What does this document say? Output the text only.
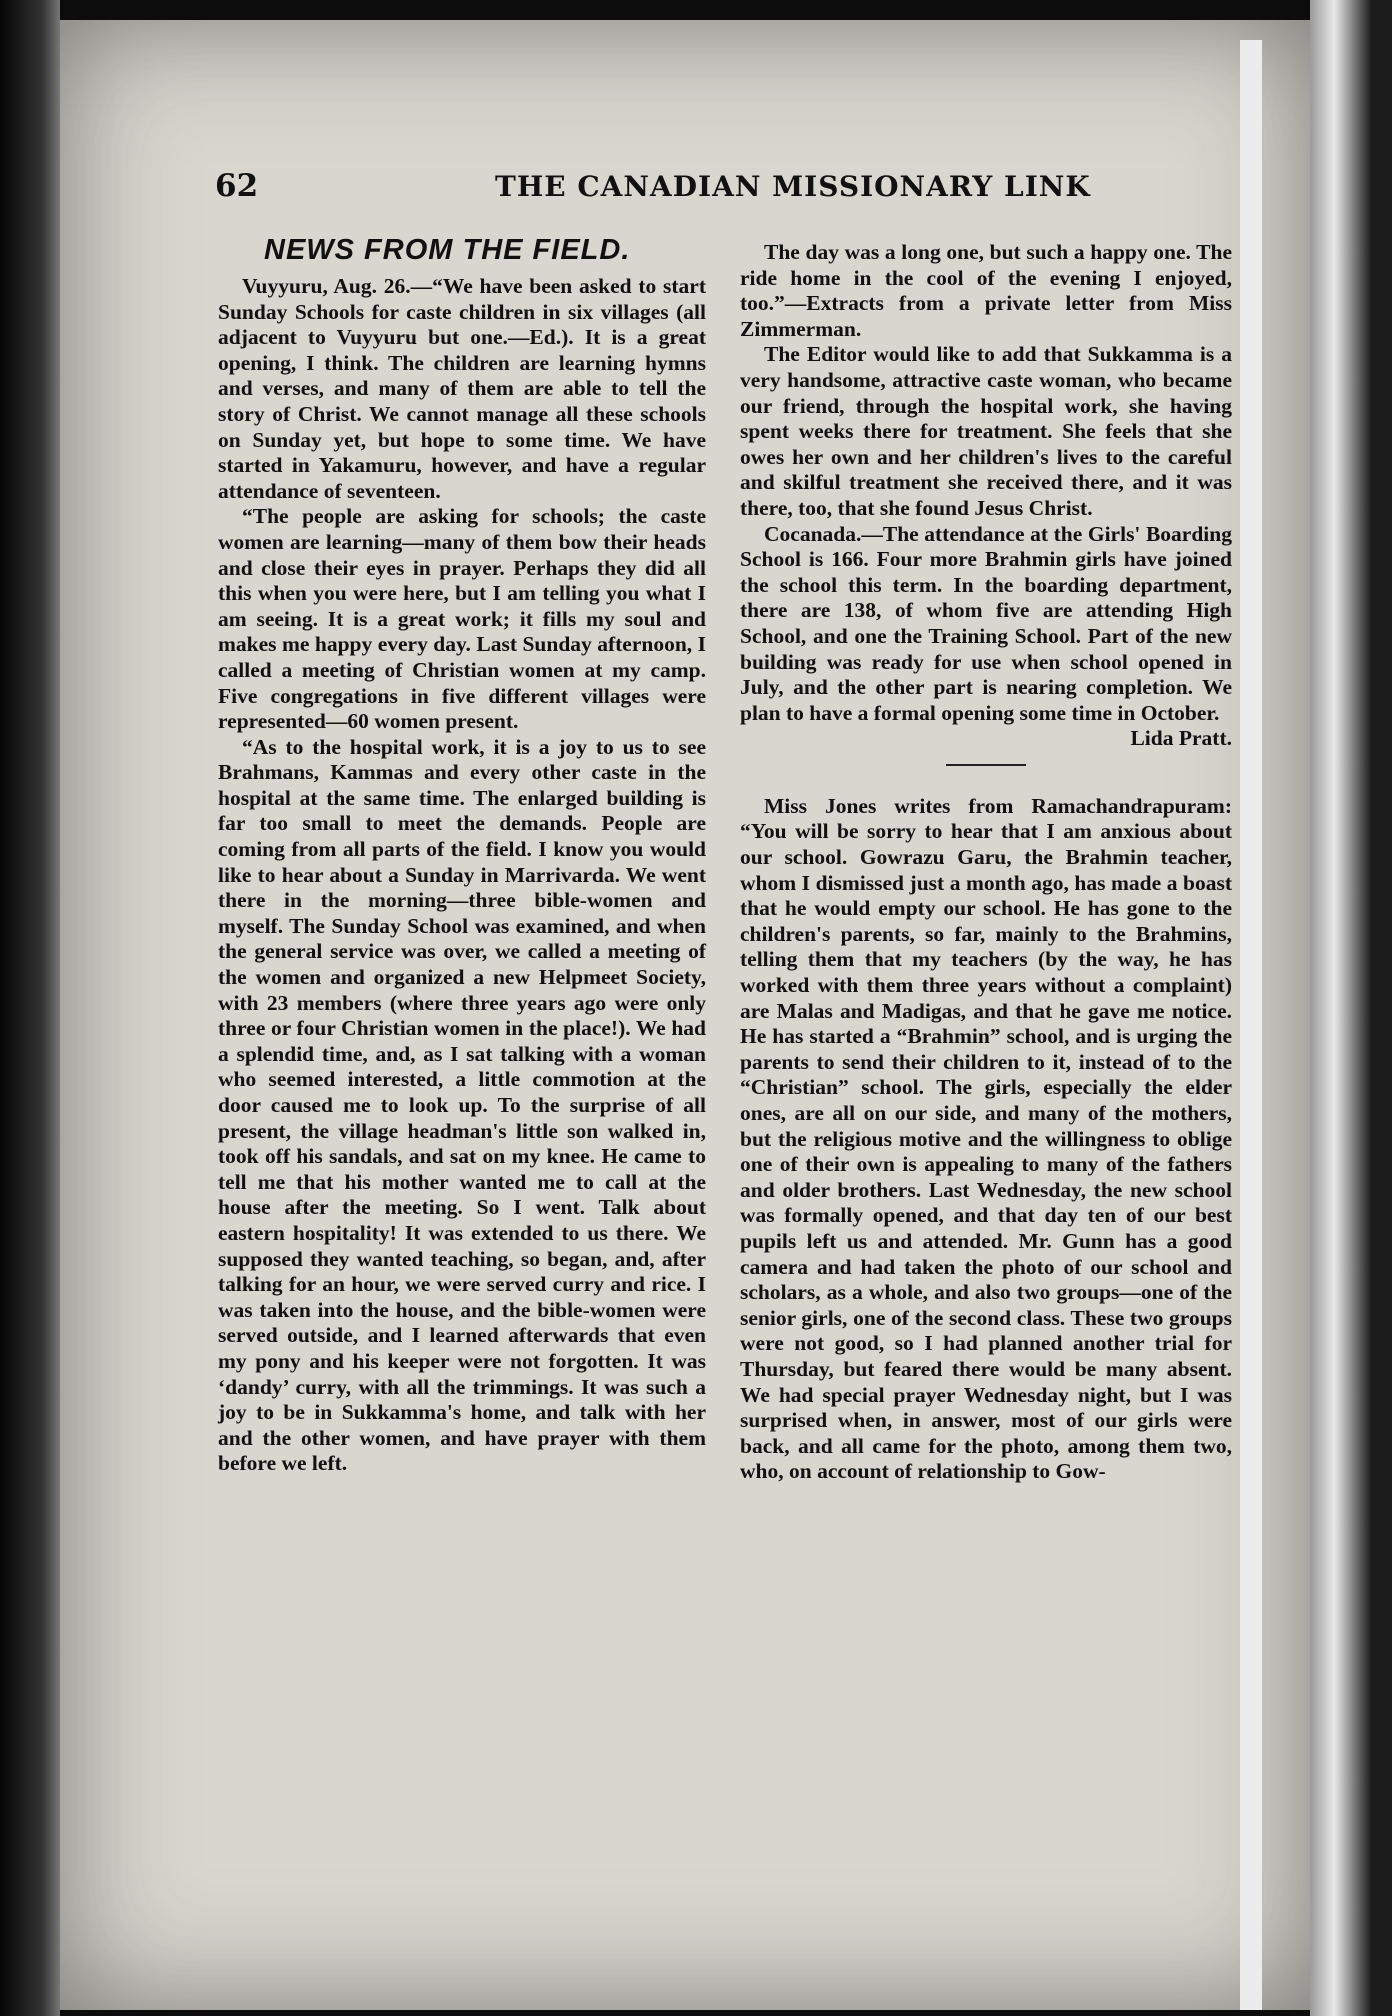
62	THE CANADIAN MISSIONARY LINK
NEWS FROM THE FIELD.

Vuyyuru, Aug. 26.—“We have been asked to start Sunday Schools for caste children in six villages (all adjacent to Vuyyuru but one.—Ed.). It is a great opening, I think. The children are learning hymns and verses, and many of them are able to tell the story of Christ. We cannot manage all these schools on Sunday yet, but hope to some time. We have started in Yakamuru, however, and have a regular attendance of seventeen.

“The people are asking for schools; the caste women are learning—many of them bow their heads and close their eyes in prayer. Perhaps they did all this when you were here, but I am telling you what I am seeing. It is a great work; it fills my soul and makes me happy every day. Last Sunday afternoon, I called a meeting of Christian women at my camp. Five congregations in five different villages were represented—60 women present.

“As to the hospital work, it is a joy to us to see Brahmans, Kammas and every other caste in the hospital at the same time. The enlarged building is far too small to meet the demands. People are coming from all parts of the field. I know you would like to hear about a Sunday in Marrivarda. We went there in the morning—three bible-women and myself. The Sunday School was examined, and when the general service was over, we called a meeting of the women and organized a new Helpmeet Society, with 23 members (where three years ago were only three or four Christian women in the place!). We had a splendid time, and, as I sat talking with a woman who seemed interested, a little commotion at the door caused me to look up. To the surprise of all present, the village headman's little son walked in, took off his sandals, and sat on my knee. He came to tell me that his mother wanted me to call at the house after the meeting. So I went. Talk about eastern hospitality! It was extended to us there. We supposed they wanted teaching, so began, and, after talking for an hour, we were served curry and rice. I was taken into the house, and the bible-women were served outside, and I learned afterwards that even my pony and his keeper were not forgotten. It was ‘dandy’ curry, with all the trimmings. It was such a joy to be in Sukkamma's home, and talk with her and the other women, and have prayer with them before we left.

The day was a long one, but such a happy one. The ride home in the cool of the evening I enjoyed, too.”—Extracts from a private letter from Miss Zimmerman.

The Editor would like to add that Sukkamma is a very handsome, attractive caste woman, who became our friend, through the hospital work, she having spent weeks there for treatment. She feels that she owes her own and her children's lives to the careful and skilful treatment she received there, and it was there, too, that she found Jesus Christ.

Cocanada.—The attendance at the Girls' Boarding School is 166. Four more Brahmin girls have joined the school this term. In the boarding department, there are 138, of whom five are attending High School, and one the Training School. Part of the new building was ready for use when school opened in July, and the other part is nearing completion. We plan to have a formal opening some time in October.

Lida Pratt.

Miss Jones writes from Ramachandrapuram: “You will be sorry to hear that I am anxious about our school. Gowrazu Garu, the Brahmin teacher, whom I dismissed just a month ago, has made a boast that he would empty our school. He has gone to the children's parents, so far, mainly to the Brahmins, telling them that my teachers (by the way, he has worked with them three years without a complaint) are Malas and Madigas, and that he gave me notice. He has started a “Brahmin” school, and is urging the parents to send their children to it, instead of to the “Christian” school. The girls, especially the elder ones, are all on our side, and many of the mothers, but the religious motive and the willingness to oblige one of their own is appealing to many of the fathers and older brothers. Last Wednesday, the new school was formally opened, and that day ten of our best pupils left us and attended. Mr. Gunn has a good camera and had taken the photo of our school and scholars, as a whole, and also two groups—one of the senior girls, one of the second class. These two groups were not good, so I had planned another trial for Thursday, but feared there would be many absent. We had special prayer Wednesday night, but I was surprised when, in answer, most of our girls were back, and all came for the photo, among them two, who, on account of relationship to Gow-
